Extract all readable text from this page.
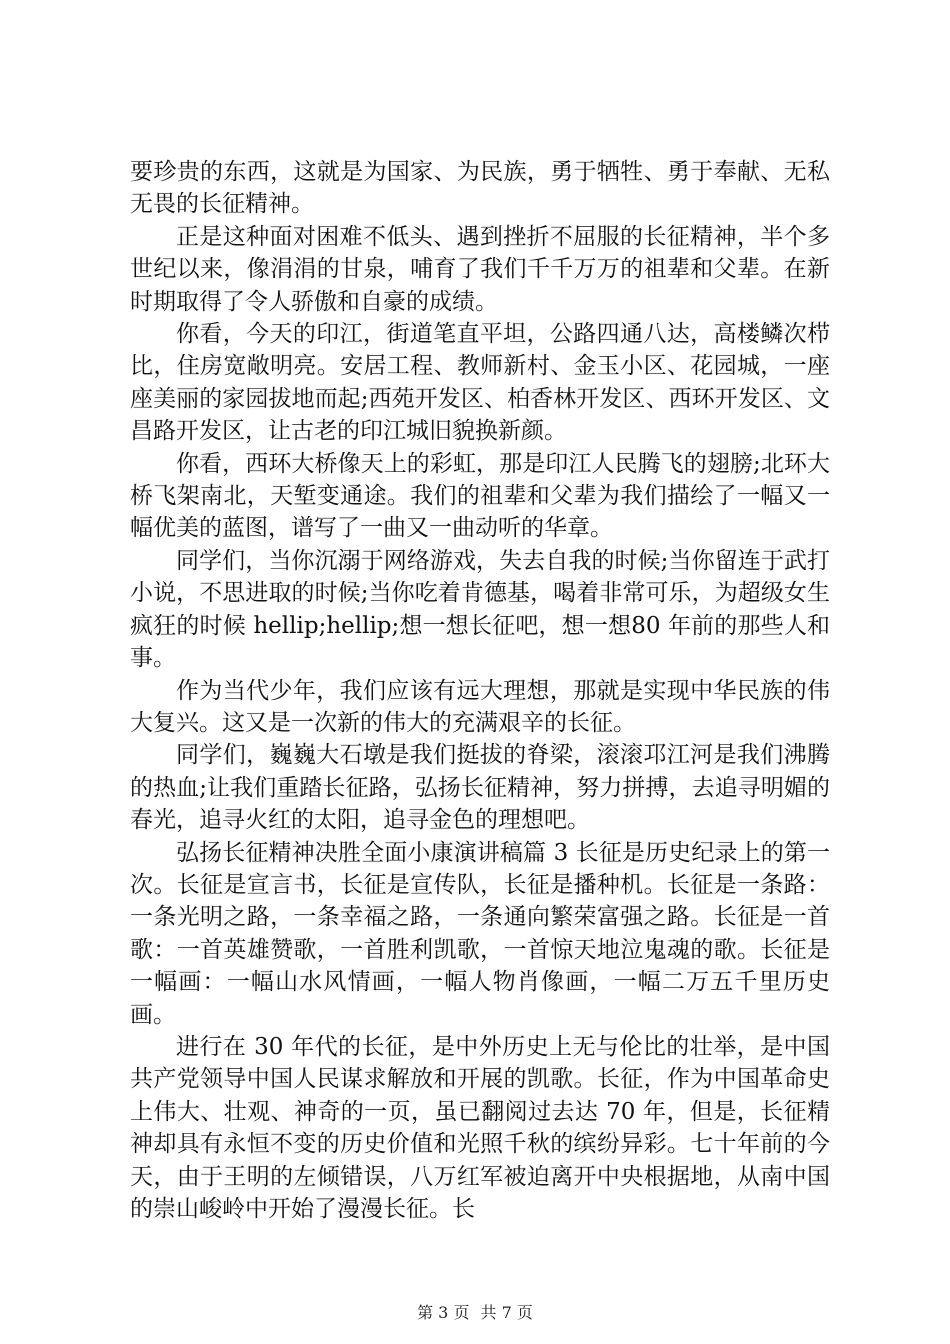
要珍贵的东西，这就是为国家、为民族，勇于牺牲、勇于奉献、无私无畏的长征精神。

正是这种面对困难不低头、遇到挫折不屈服的长征精神，半个多世纪以来，像涓涓的甘泉，哺育了我们千千万万的祖辈和父辈。在新时期取得了令人骄傲和自豪的成绩。

你看，今天的印江，街道笔直平坦，公路四通八达，高楼鳞次栉比，住房宽敞明亮。安居工程、教师新村、金玉小区、花园城，一座座美丽的家园拔地而起;西苑开发区、柏香林开发区、西环开发区、文昌路开发区，让古老的印江城旧貌换新颜。

你看，西环大桥像天上的彩虹，那是印江人民腾飞的翅膀;北环大桥飞架南北，天堑变通途。我们的祖辈和父辈为我们描绘了一幅又一幅优美的蓝图，谱写了一曲又一曲动听的华章。

同学们，当你沉溺于网络游戏，失去自我的时候;当你留连于武打小说，不思进取的时候;当你吃着肯德基，喝着非常可乐，为超级女生疯狂的时候 hellip;hellip;想一想长征吧，想一想80 年前的那些人和事。

作为当代少年，我们应该有远大理想，那就是实现中华民族的伟大复兴。这又是一次新的伟大的充满艰辛的长征。

同学们，巍巍大石墩是我们挺拔的脊梁，滚滚邛江河是我们沸腾的热血;让我们重踏长征路，弘扬长征精神，努力拼搏，去追寻明媚的春光，追寻火红的太阳，追寻金色的理想吧。

弘扬长征精神决胜全面小康演讲稿篇 3 长征是历史纪录上的第一次。长征是宣言书，长征是宣传队，长征是播种机。长征是一条路：一条光明之路，一条幸福之路，一条通向繁荣富强之路。长征是一首歌：一首英雄赞歌，一首胜利凯歌，一首惊天地泣鬼魂的歌。长征是一幅画：一幅山水风情画，一幅人物肖像画，一幅二万五千里历史画。

进行在 30 年代的长征，是中外历史上无与伦比的壮举，是中国共产党领导中国人民谋求解放和开展的凯歌。长征，作为中国革命史上伟大、壮观、神奇的一页，虽已翻阅过去达 70 年，但是，长征精神却具有永恒不变的历史价值和光照千秋的缤纷异彩。七十年前的今天，由于王明的左倾错误，八万红军被迫离开中央根据地，从南中国的崇山峻岭中开始了漫漫长征。长

第 3 页 共 7 页
